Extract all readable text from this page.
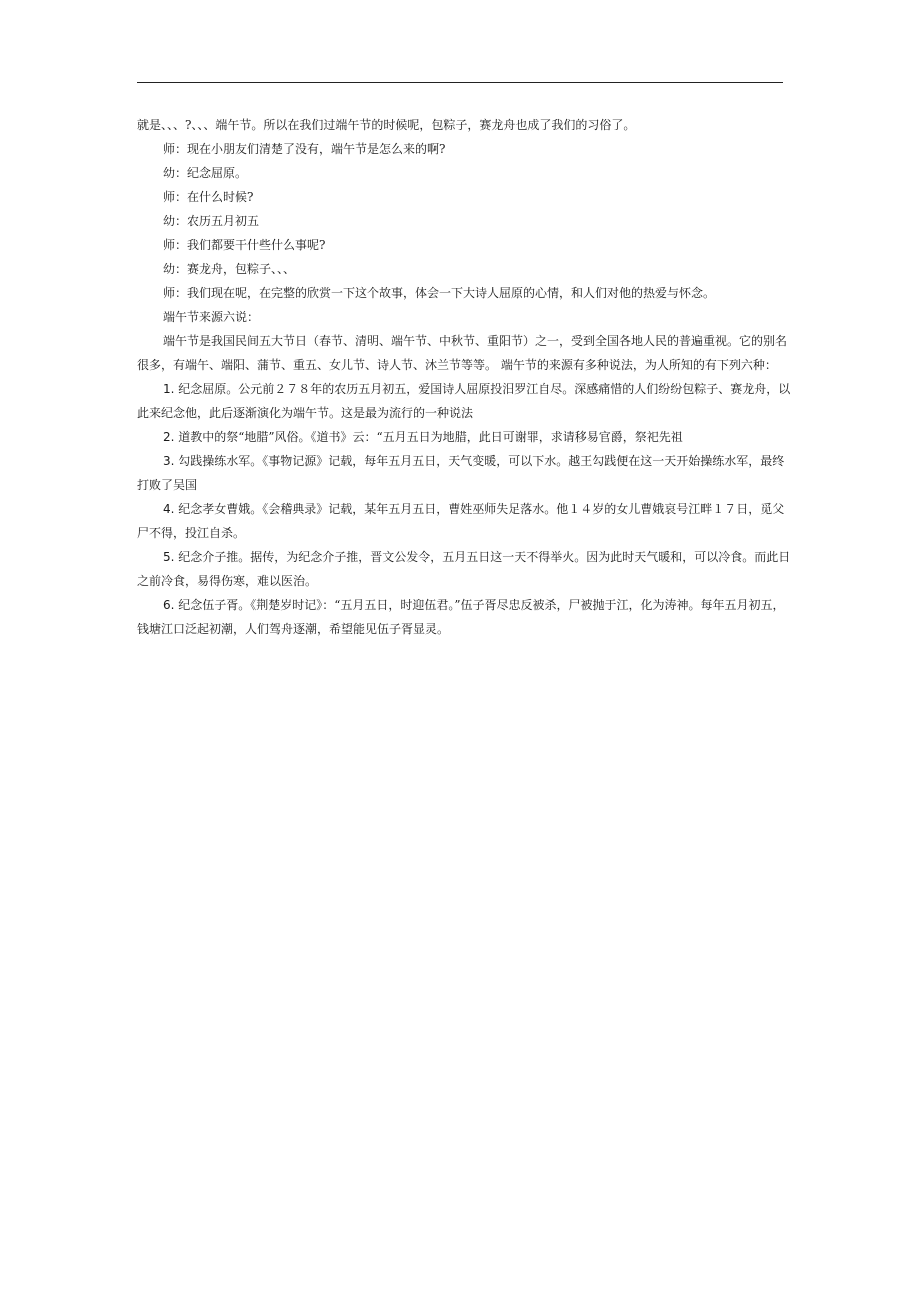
就是、、、?、、、端午节。所以在我们过端午节的时候呢，包粽子，赛龙舟也成了我们的习俗了。

师：现在小朋友们清楚了没有，端午节是怎么来的啊?

幼：纪念屈原。

师：在什么时候?

幼：农历五月初五

师：我们都要干什些什么事呢?

幼：赛龙舟，包粽子、、、

师：我们现在呢，在完整的欣赏一下这个故事，体会一下大诗人屈原的心情，和人们对他的热爱与怀念。

端午节来源六说：

端午节是我国民间五大节日（春节、清明、端午节、中秋节、重阳节）之一，受到全国各地人民的普遍重视。它的别名很多，有端午、端阳、蒲节、重五、女儿节、诗人节、沐兰节等等。 端午节的来源有多种说法，为人所知的有下列六种：

1. 纪念屈原。公元前２７８年的农历五月初五，爱国诗人屈原投汨罗江自尽。深感痛惜的人们纷纷包粽子、赛龙舟，以此来纪念他，此后逐渐演化为端午节。这是最为流行的一种说法

2. 道教中的祭“地腊”风俗。《道书》云：“五月五日为地腊，此日可谢罪，求请移易官爵，祭祀先祖

3. 勾践操练水军。《事物记源》记载，每年五月五日，天气变暖，可以下水。越王勾践便在这一天开始操练水军，最终打败了吴国

4. 纪念孝女曹娥。《会稽典录》记载，某年五月五日，曹姓巫师失足落水。他１４岁的女儿曹娥哀号江畔１７日，觅父尸不得，投江自杀。

5. 纪念介子推。据传，为纪念介子推，晋文公发令，五月五日这一天不得举火。因为此时天气暖和，可以冷食。而此日之前冷食，易得伤寒，难以医治。

6. 纪念伍子胥。《荆楚岁时记》：“五月五日，时迎伍君。”伍子胥尽忠反被杀，尸被抛于江，化为涛神。每年五月初五，钱塘江口泛起初潮，人们驾舟逐潮，希望能见伍子胥显灵。
